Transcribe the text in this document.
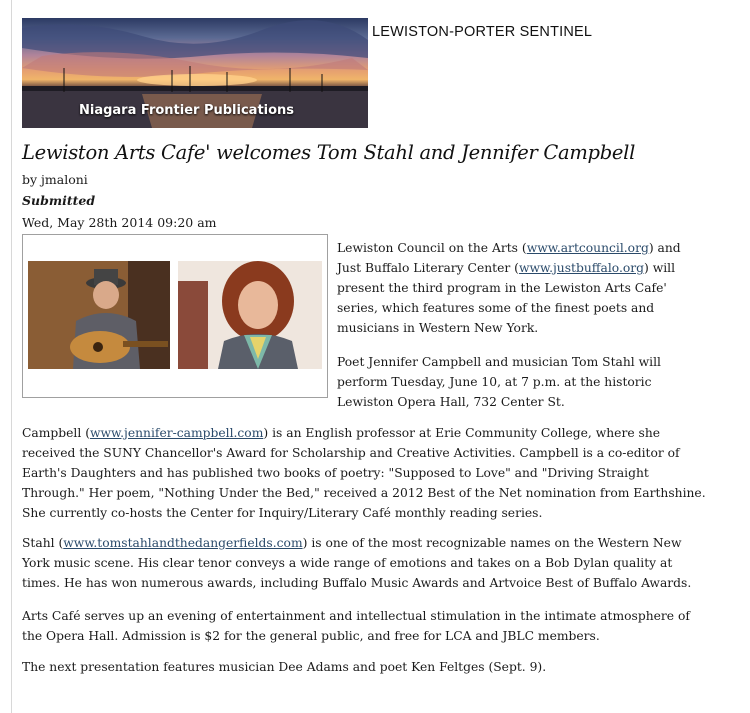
Niagara Frontier Publications
LEWISTON-PORTER SENTINEL
Lewiston Arts Cafe' welcomes Tom Stahl and Jennifer Campbell
by jmaloni
Submitted
Wed, May 28th 2014 09:20 am

Lewiston Council on the Arts (www.artcouncil.org) and Just Buffalo Literary Center (www.justbuffalo.org) will present the third program in the Lewiston Arts Cafe' series, which features some of the finest poets and musicians in Western New York.

Poet Jennifer Campbell and musician Tom Stahl will perform Tuesday, June 10, at 7 p.m. at the historic Lewiston Opera Hall, 732 Center St.

Campbell (www.jennifer-campbell.com) is an English professor at Erie Community College, where she received the SUNY Chancellor's Award for Scholarship and Creative Activities. Campbell is a co-editor of Earth's Daughters and has published two books of poetry: "Supposed to Love" and "Driving Straight Through." Her poem, "Nothing Under the Bed," received a 2012 Best of the Net nomination from Earthshine. She currently co-hosts the Center for Inquiry/Literary Café monthly reading series.

Stahl (www.tomstahlandthedangerfields.com) is one of the most recognizable names on the Western New York music scene. His clear tenor conveys a wide range of emotions and takes on a Bob Dylan quality at times. He has won numerous awards, including Buffalo Music Awards and Artvoice Best of Buffalo Awards.

Arts Café serves up an evening of entertainment and intellectual stimulation in the intimate atmosphere of the Opera Hall. Admission is $2 for the general public, and free for LCA and JBLC members.

The next presentation features musician Dee Adams and poet Ken Feltges (Sept. 9).
